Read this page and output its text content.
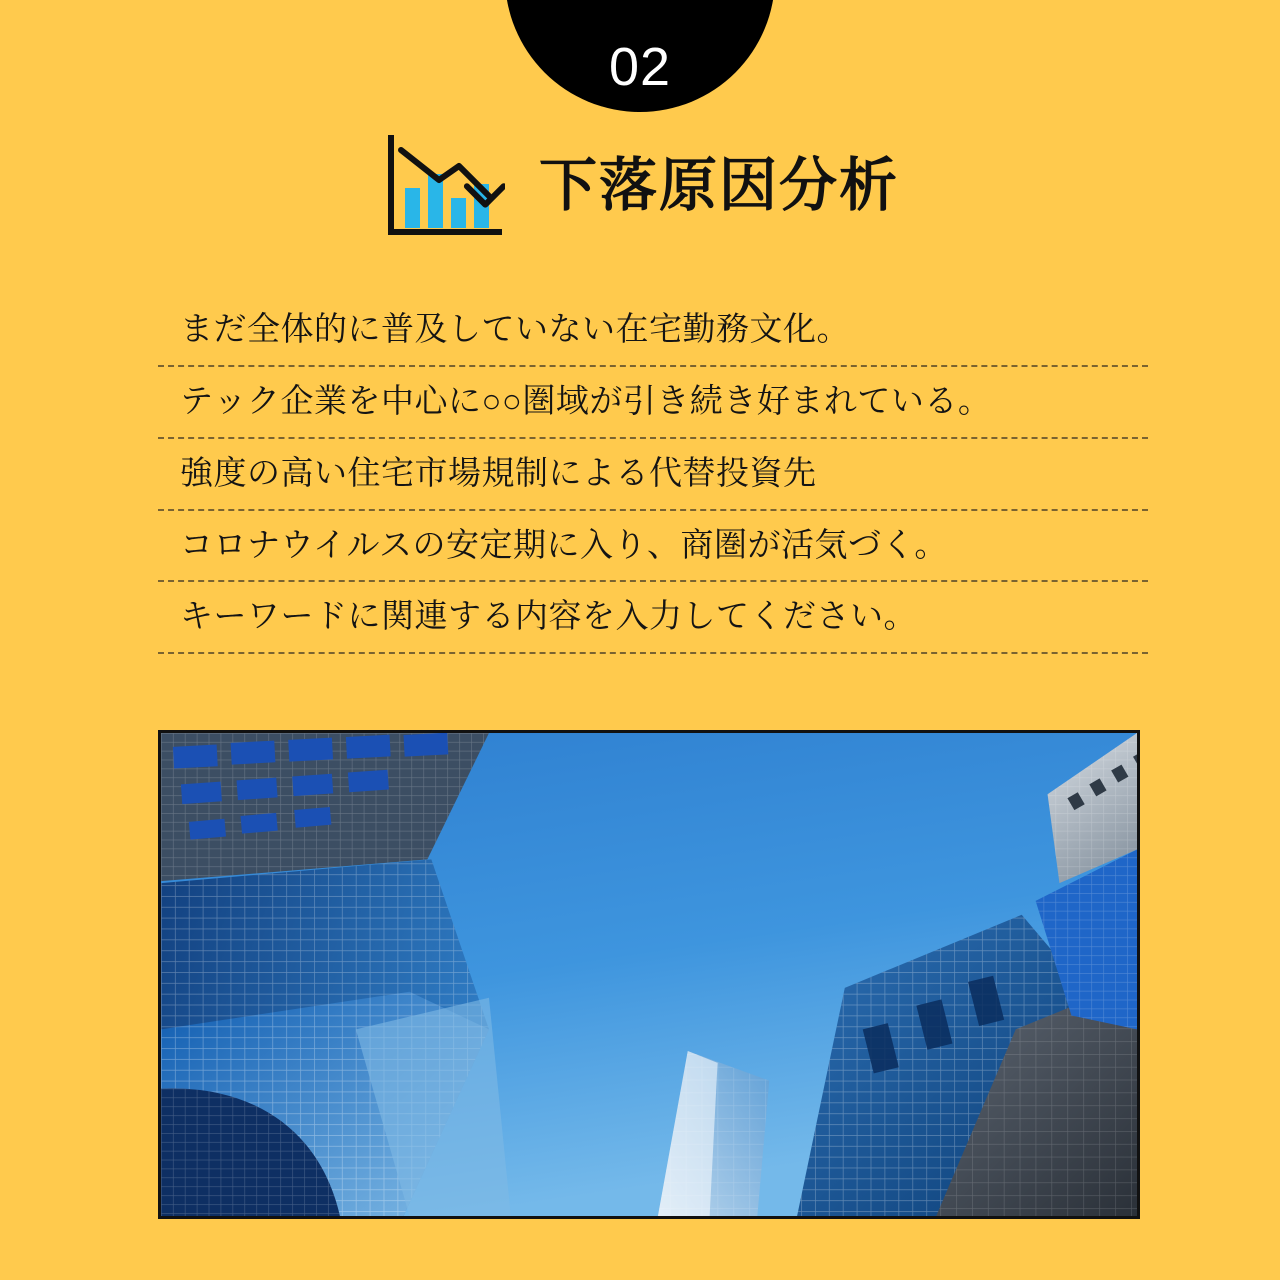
02
下落原因分析
まだ全体的に普及していない在宅勤務文化。
テック企業を中心に○○圏域が引き続き好まれている。
強度の高い住宅市場規制による代替投資先
コロナウイルスの安定期に入り、商圏が活気づく。
キーワードに関連する内容を入力してください。
